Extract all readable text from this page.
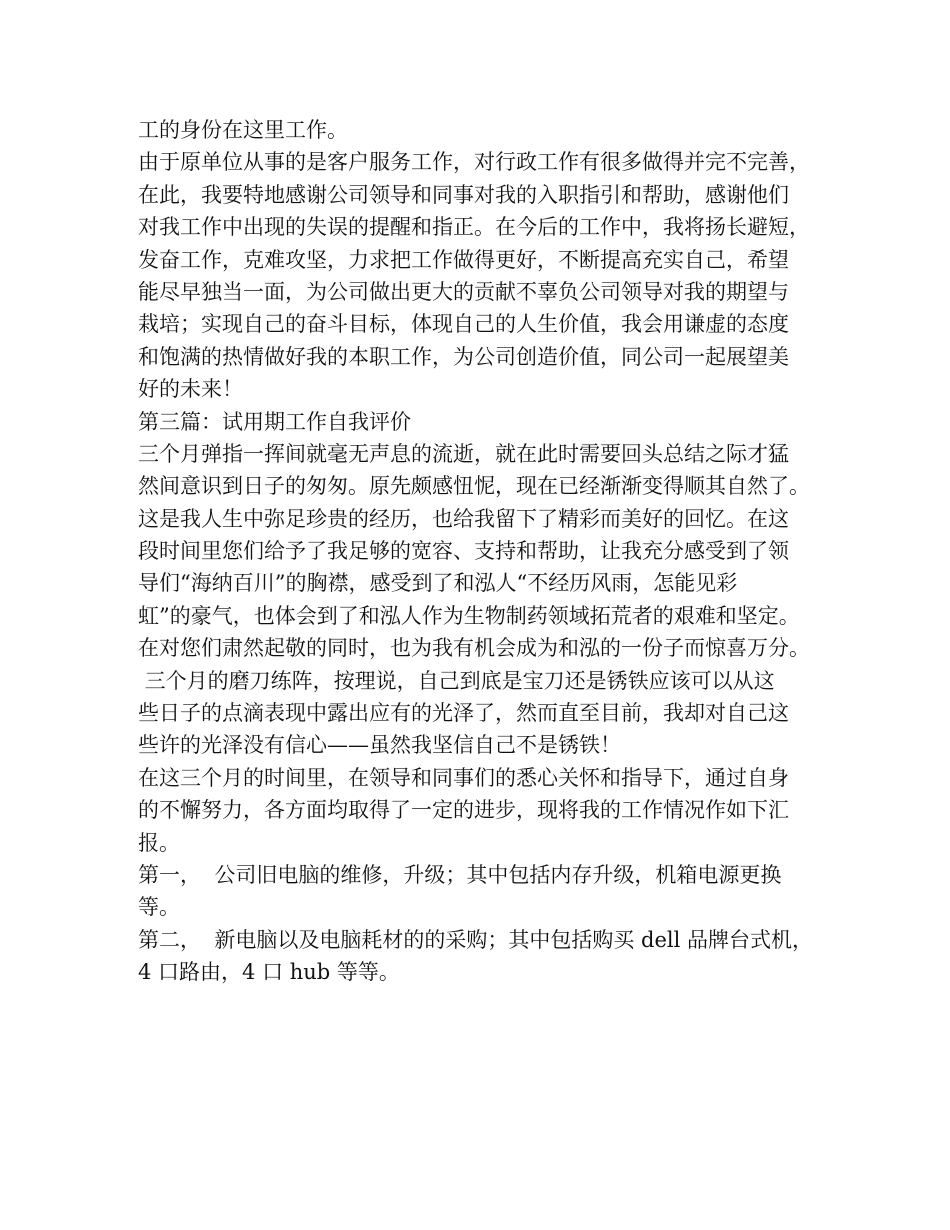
工的身份在这里工作。
由于原单位从事的是客户服务工作，对行政工作有很多做得并完不完善，
在此，我要特地感谢公司领导和同事对我的入职指引和帮助，感谢他们
对我工作中出现的失误的提醒和指正。在今后的工作中，我将扬长避短，
发奋工作，克难攻坚，力求把工作做得更好，不断提高充实自己，希望
能尽早独当一面，为公司做出更大的贡献不辜负公司领导对我的期望与
栽培；实现自己的奋斗目标，体现自己的人生价值，我会用谦虚的态度
和饱满的热情做好我的本职工作，为公司创造价值，同公司一起展望美
好的未来！
第三篇：试用期工作自我评价
三个月弹指一挥间就毫无声息的流逝，就在此时需要回头总结之际才猛
然间意识到日子的匆匆。原先颇感忸怩，现在已经渐渐变得顺其自然了。
这是我人生中弥足珍贵的经历，也给我留下了精彩而美好的回忆。在这
段时间里您们给予了我足够的宽容、支持和帮助，让我充分感受到了领
导们“海纳百川”的胸襟，感受到了和泓人“不经历风雨，怎能见彩
虹”的豪气，也体会到了和泓人作为生物制药领域拓荒者的艰难和坚定。
在对您们肃然起敬的同时，也为我有机会成为和泓的一份子而惊喜万分。
三个月的磨刀练阵，按理说，自己到底是宝刀还是锈铁应该可以从这
些日子的点滴表现中露出应有的光泽了，然而直至目前，我却对自己这
些许的光泽没有信心——虽然我坚信自己不是锈铁！
在这三个月的时间里，在领导和同事们的悉心关怀和指导下，通过自身
的不懈努力，各方面均取得了一定的进步，现将我的工作情况作如下汇
报。
第一，  公司旧电脑的维修，升级；其中包括内存升级，机箱电源更换
等。
第二，  新电脑以及电脑耗材的的采购；其中包括购买 dell 品牌台式机，
4 口路由，4 口 hub 等等。
